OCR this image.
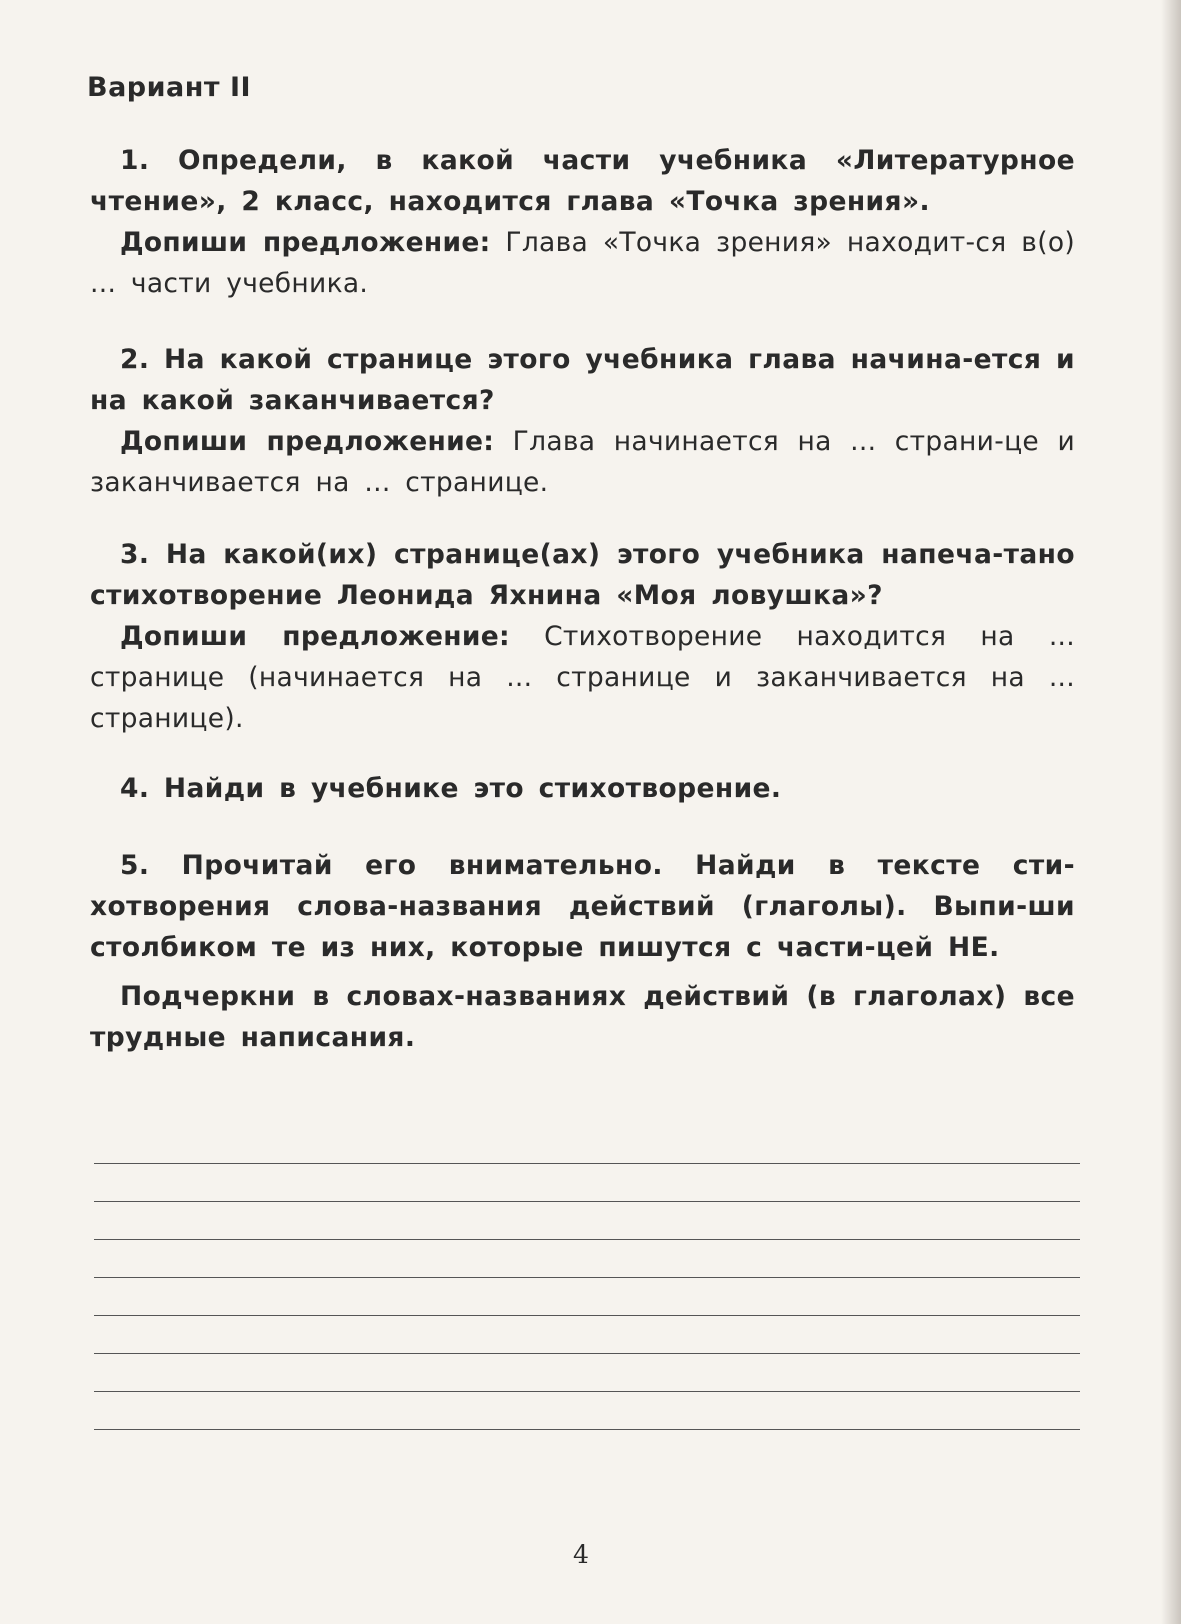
Вариант II
1. Определи, в какой части учебника «Литературное чтение», 2 класс, находится глава «Точка зрения».
Допиши предложение: Глава «Точка зрения» находит-ся в(о) ... части учебника.
2. На какой странице этого учебника глава начина-ется и на какой заканчивается?
Допиши предложение: Глава начинается на ... страни-це и заканчивается на ... странице.
3. На какой(их) странице(ах) этого учебника напеча-тано стихотворение Леонида Яхнина «Моя ловушка»?
Допиши предложение: Стихотворение находится на ... странице (начинается на ... странице и заканчивается на ... странице).
4. Найди в учебнике это стихотворение.
5. Прочитай его внимательно. Найди в тексте сти-хотворения слова-названия действий (глаголы). Выпи-ши столбиком те из них, которые пишутся с части-цей НЕ.
Подчеркни в словах-названиях действий (в глаголах) все трудные написания.
4
